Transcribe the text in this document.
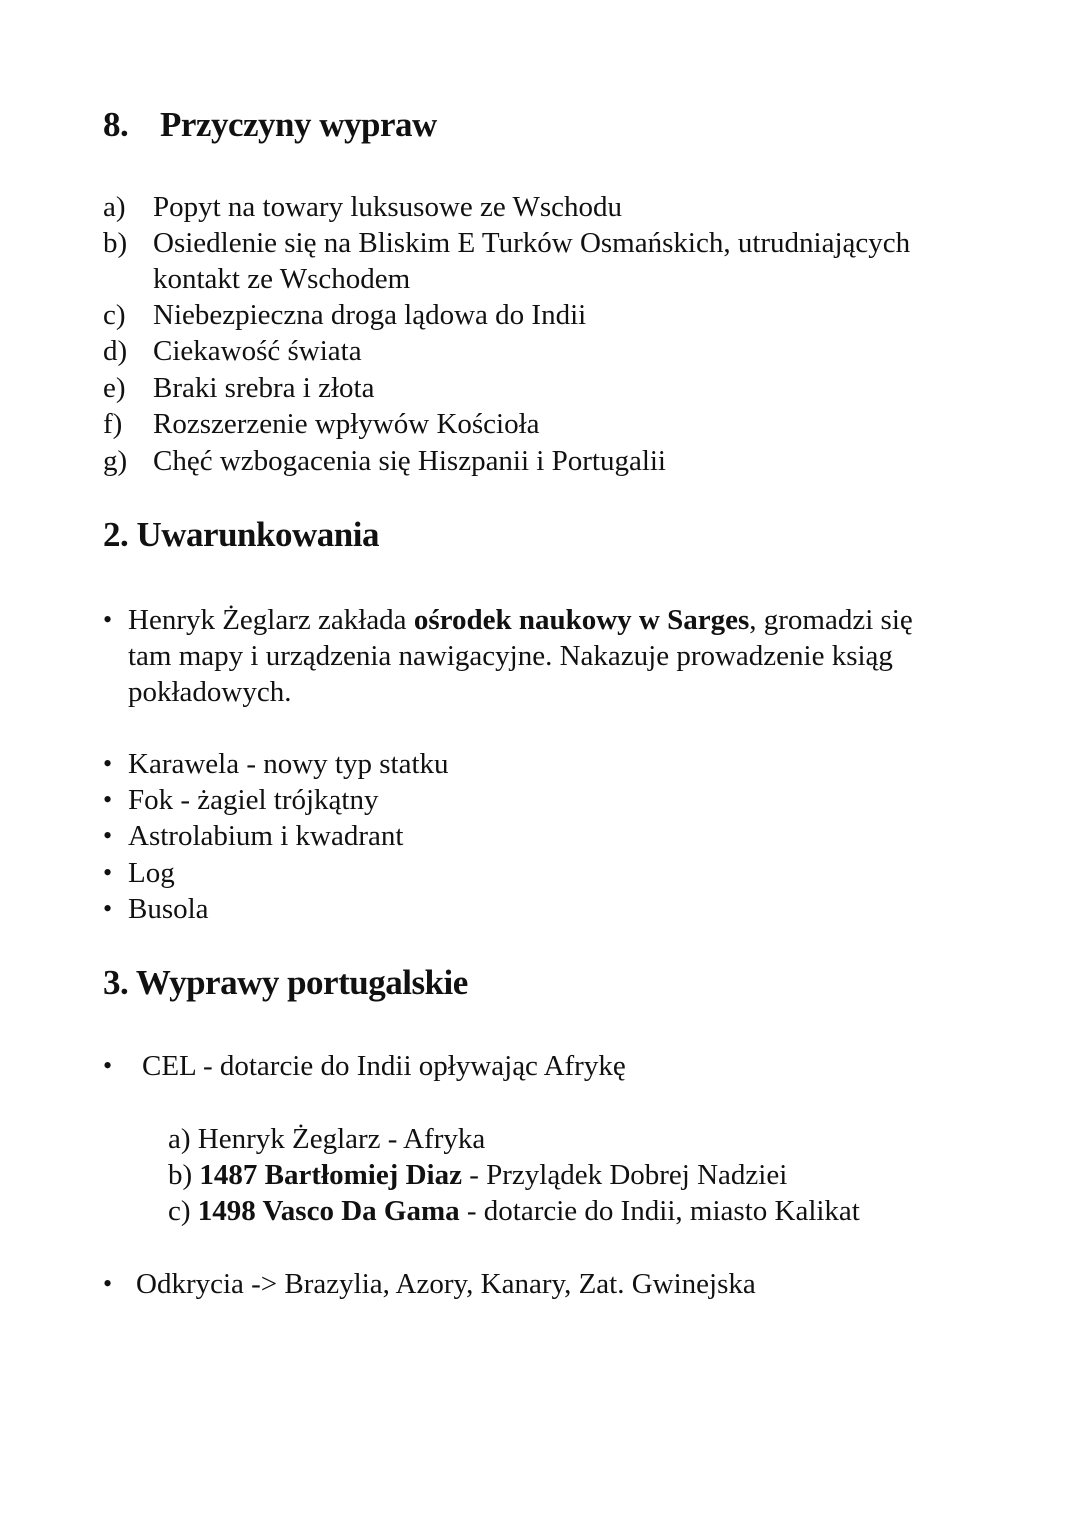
8. Przyczyny wypraw
a) Popyt na towary luksusowe ze Wschodu
b) Osiedlenie się na Bliskim E Turków Osmańskich, utrudniających
kontakt ze Wschodem
c) Niebezpieczna droga lądowa do Indii
d) Ciekawość świata
e) Braki srebra i złota
f) Rozszerzenie wpływów Kościoła
g) Chęć wzbogacenia się Hiszpanii i Portugalii
2. Uwarunkowania
• Henryk Żeglarz zakłada ośrodek naukowy w Sarges, gromadzi się
tam mapy i urządzenia nawigacyjne. Nakazuje prowadzenie ksiąg
pokładowych.
• Karawela - nowy typ statku
• Fok - żagiel trójkątny
• Astrolabium i kwadrant
• Log
• Busola
3. Wyprawy portugalskie
• CEL - dotarcie do Indii opływając Afrykę
a) Henryk Żeglarz - Afryka
b) 1487 Bartłomiej Diaz - Przylądek Dobrej Nadziei
c) 1498 Vasco Da Gama - dotarcie do Indii, miasto Kalikat
• Odkrycia -> Brazylia, Azory, Kanary, Zat. Gwinejska
